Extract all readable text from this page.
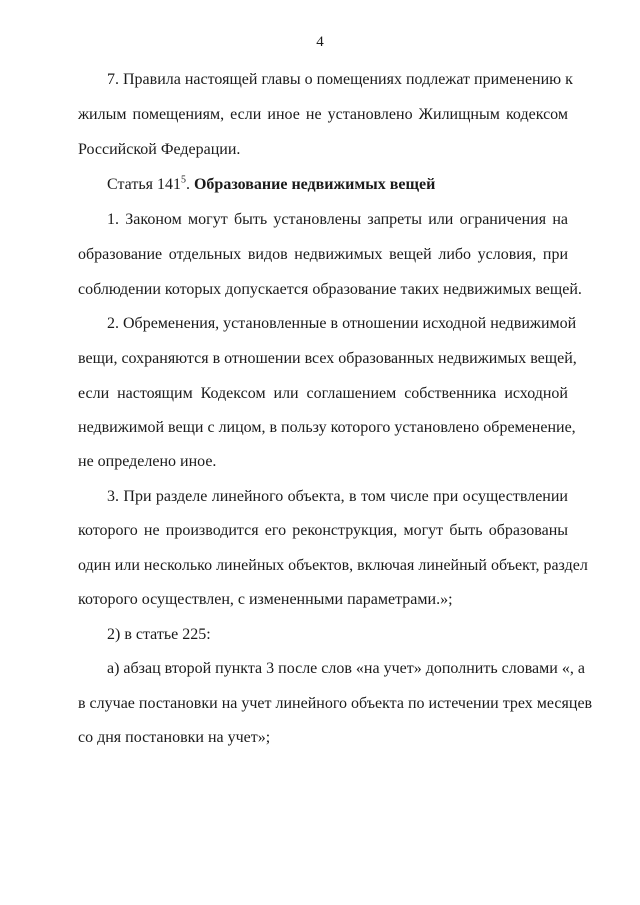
4
7. Правила настоящей главы о помещениях подлежат применению к
жилым помещениям, если иное не установлено Жилищным кодексом
Российской Федерации.
Статья $141^5$. Образование недвижимых вещей
1. Законом могут быть установлены запреты или ограничения на
образование отдельных видов недвижимых вещей либо условия, при
соблюдении которых допускается образование таких недвижимых вещей.
2. Обременения, установленные в отношении исходной недвижимой
вещи, сохраняются в отношении всех образованных недвижимых вещей,
если настоящим Кодексом или соглашением собственника исходной
недвижимой вещи с лицом, в пользу которого установлено обременение,
не определено иное.
3. При разделе линейного объекта, в том числе при осуществлении
которого не производится его реконструкция, могут быть образованы
один или несколько линейных объектов, включая линейный объект, раздел
которого осуществлен, с измененными параметрами.»;
2) в статье 225:
а) абзац второй пункта 3 после слов «на учет» дополнить словами «, а
в случае постановки на учет линейного объекта по истечении трех месяцев
со дня постановки на учет»;
